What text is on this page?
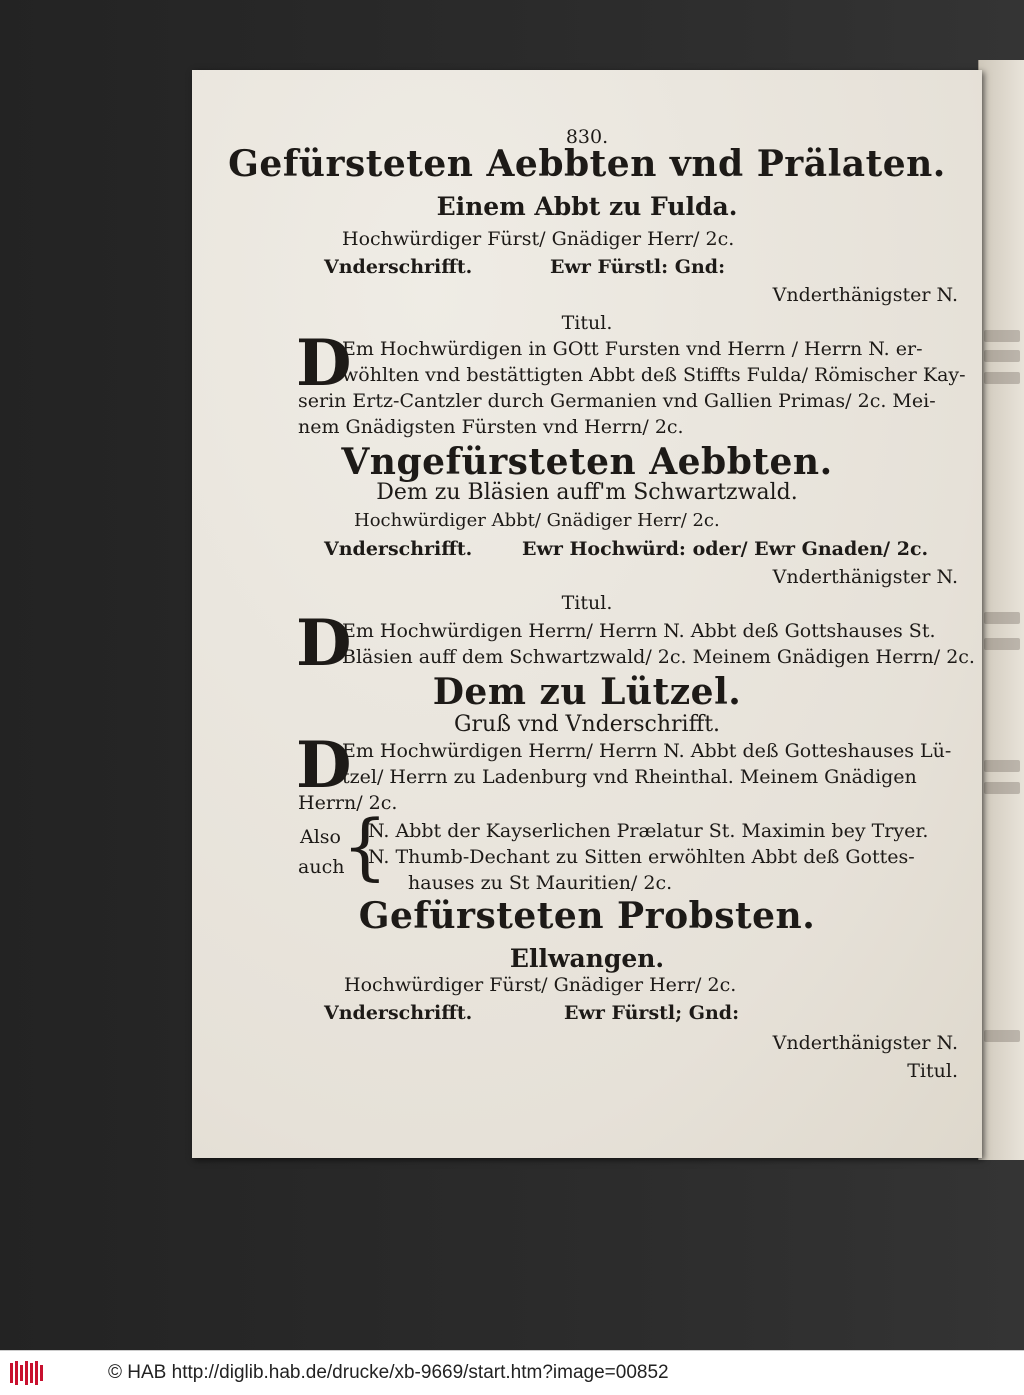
830.
Gefürsteten Aebbten vnd Prälaten.
Einem Abbt zu Fulda.
Hochwürdiger Fürst/ Gnädiger Herr/ 2c.
Vnderschrifft.	Ewr Fürstl: Gnd:
Vnderthänigster N.
Titul.
D
Em Hochwürdigen in GOtt Fursten vnd Herrn / Herrn N. er-
wöhlten vnd bestättigten Abbt deß Stiffts Fulda/ Römischer Kay-
serin Ertz-Cantzler durch Germanien vnd Gallien Primas/ 2c. Mei-
nem Gnädigsten Fürsten vnd Herrn/ 2c.
Vngefürsteten Aebbten.
Dem zu Bläsien auff'm Schwartzwald.
Hochwürdiger Abbt/ Gnädiger Herr/ 2c.
Vnderschrifft.	Ewr Hochwürd: oder/ Ewr Gnaden/ 2c.
Vnderthänigster N.
Titul.
D
Em Hochwürdigen Herrn/ Herrn N. Abbt deß Gottshauses St.
Bläsien auff dem Schwartzwald/ 2c. Meinem Gnädigen Herrn/ 2c.
Dem zu Lützel.
Gruß vnd Vnderschrifft.
D
Em Hochwürdigen Herrn/ Herrn N. Abbt deß Gotteshauses Lü-
tzel/ Herrn zu Ladenburg vnd Rheinthal. Meinem Gnädigen
Herrn/ 2c.
Also
auch
{
N. Abbt der Kayserlichen Prælatur St. Maximin bey Tryer.
N. Thumb-Dechant zu Sitten erwöhlten Abbt deß Gottes-
hauses zu St Mauritien/ 2c.
Gefürsteten Probsten.
Ellwangen.
Hochwürdiger Fürst/ Gnädiger Herr/ 2c.
Vnderschrifft.	Ewr Fürstl; Gnd:
Vnderthänigster N.
Titul.
© HAB http://diglib.hab.de/drucke/xb-9669/start.htm?image=00852
